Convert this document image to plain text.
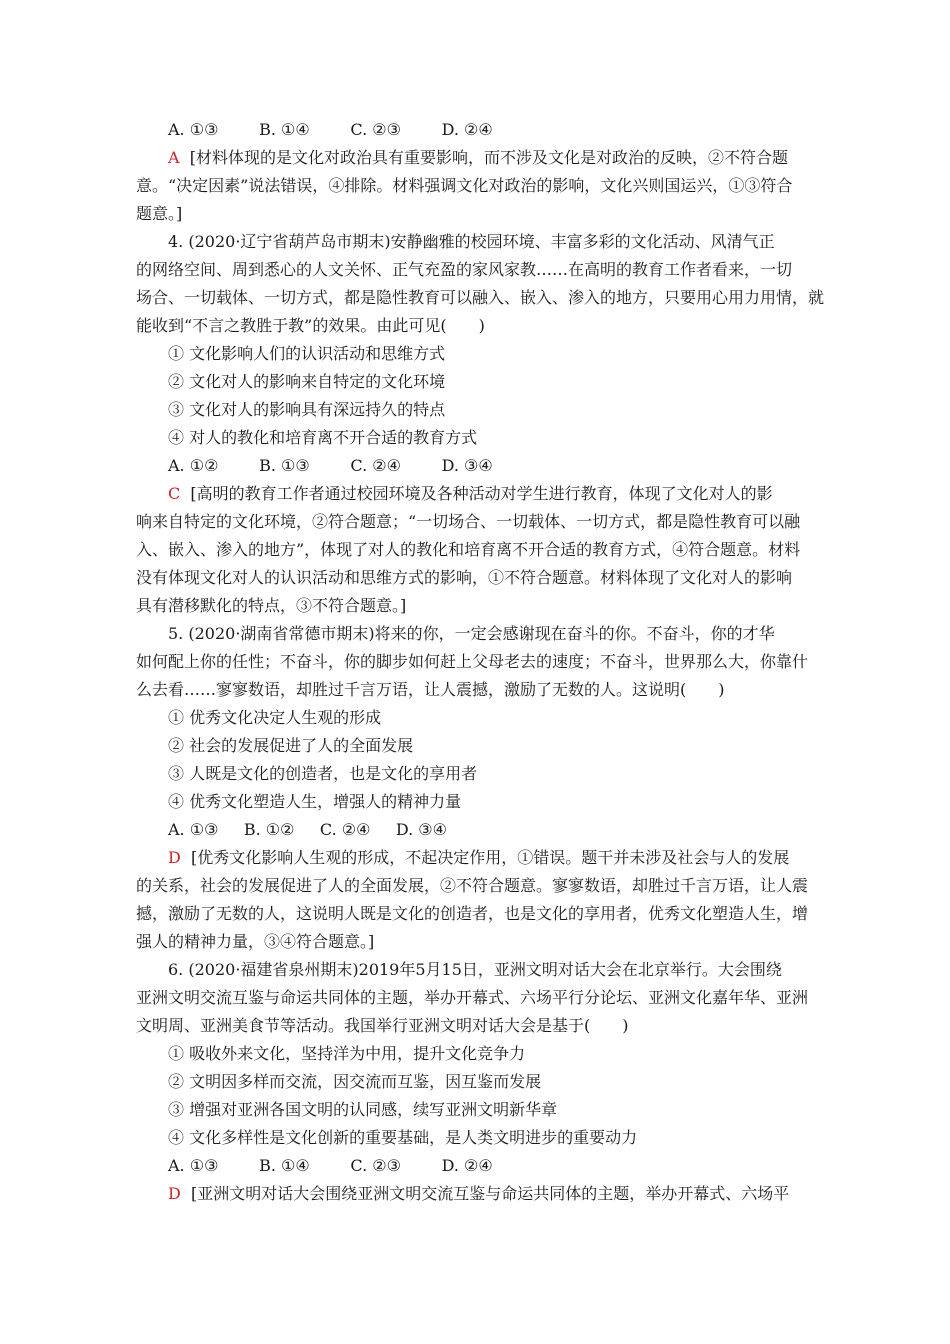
A. ①③        B. ①④        C. ②③        D. ②④
A [材料体现的是文化对政治具有重要影响，而不涉及文化是对政治的反映，②不符合题
意。“决定因素”说法错误，④排除。材料强调文化对政治的影响，文化兴则国运兴，①③符合
题意。]
4. (2020·辽宁省葫芦岛市期末)安静幽雅的校园环境、丰富多彩的文化活动、风清气正
的网络空间、周到悉心的人文关怀、正气充盈的家风家教……在高明的教育工作者看来，一切
场合、一切载体、一切方式，都是隐性教育可以融入、嵌入、渗入的地方，只要用心用力用情，就
能收到“不言之教胜于教”的效果。由此可见(　　)
① 文化影响人们的认识活动和思维方式
② 文化对人的影响来自特定的文化环境
③ 文化对人的影响具有深远持久的特点
④ 对人的教化和培育离不开合适的教育方式
A. ①②        B. ①③        C. ②④        D. ③④
C [高明的教育工作者通过校园环境及各种活动对学生进行教育，体现了文化对人的影
响来自特定的文化环境，②符合题意；“一切场合、一切载体、一切方式，都是隐性教育可以融
入、嵌入、渗入的地方”，体现了对人的教化和培育离不开合适的教育方式，④符合题意。材料
没有体现文化对人的认识活动和思维方式的影响，①不符合题意。材料体现了文化对人的影响
具有潜移默化的特点，③不符合题意。]
5. (2020·湖南省常德市期末)将来的你，一定会感谢现在奋斗的你。不奋斗，你的才华
如何配上你的任性；不奋斗，你的脚步如何赶上父母老去的速度；不奋斗，世界那么大，你靠什
么去看……寥寥数语，却胜过千言万语，让人震撼，激励了无数的人。这说明(　　)
① 优秀文化决定人生观的形成
② 社会的发展促进了人的全面发展
③ 人既是文化的创造者，也是文化的享用者
④ 优秀文化塑造人生，增强人的精神力量
A. ①③     B. ①②     C. ②④     D. ③④
D [优秀文化影响人生观的形成，不起决定作用，①错误。题干并未涉及社会与人的发展
的关系，社会的发展促进了人的全面发展，②不符合题意。寥寥数语，却胜过千言万语，让人震
撼，激励了无数的人，这说明人既是文化的创造者，也是文化的享用者，优秀文化塑造人生，增
强人的精神力量，③④符合题意。]
6. (2020·福建省泉州期末)2019年5月15日，亚洲文明对话大会在北京举行。大会围绕
亚洲文明交流互鉴与命运共同体的主题，举办开幕式、六场平行分论坛、亚洲文化嘉年华、亚洲
文明周、亚洲美食节等活动。我国举行亚洲文明对话大会是基于(　　)
① 吸收外来文化，坚持洋为中用，提升文化竞争力
② 文明因多样而交流，因交流而互鉴，因互鉴而发展
③ 增强对亚洲各国文明的认同感，续写亚洲文明新华章
④ 文化多样性是文化创新的重要基础，是人类文明进步的重要动力
A. ①③        B. ①④        C. ②③        D. ②④
D [亚洲文明对话大会围绕亚洲文明交流互鉴与命运共同体的主题，举办开幕式、六场平
